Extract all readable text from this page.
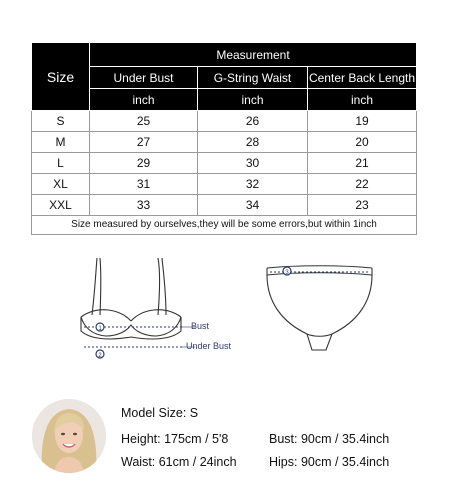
Size	Measurement		
	Under Bust	G-String Waist	Center Back Length
	inch	inch	inch
S	25	26	19
M	27	28	20
L	29	30	21
XL	31	32	22
XXL	33	34	23
Size measured by ourselves,they will be some errors,but within 1inch			
1
2
Bust
Under Bust
3
Model Size: S
Height: 175cm / 5'8	Bust: 90cm / 35.4inch
Waist: 61cm / 24inch	Hips: 90cm / 35.4inch
